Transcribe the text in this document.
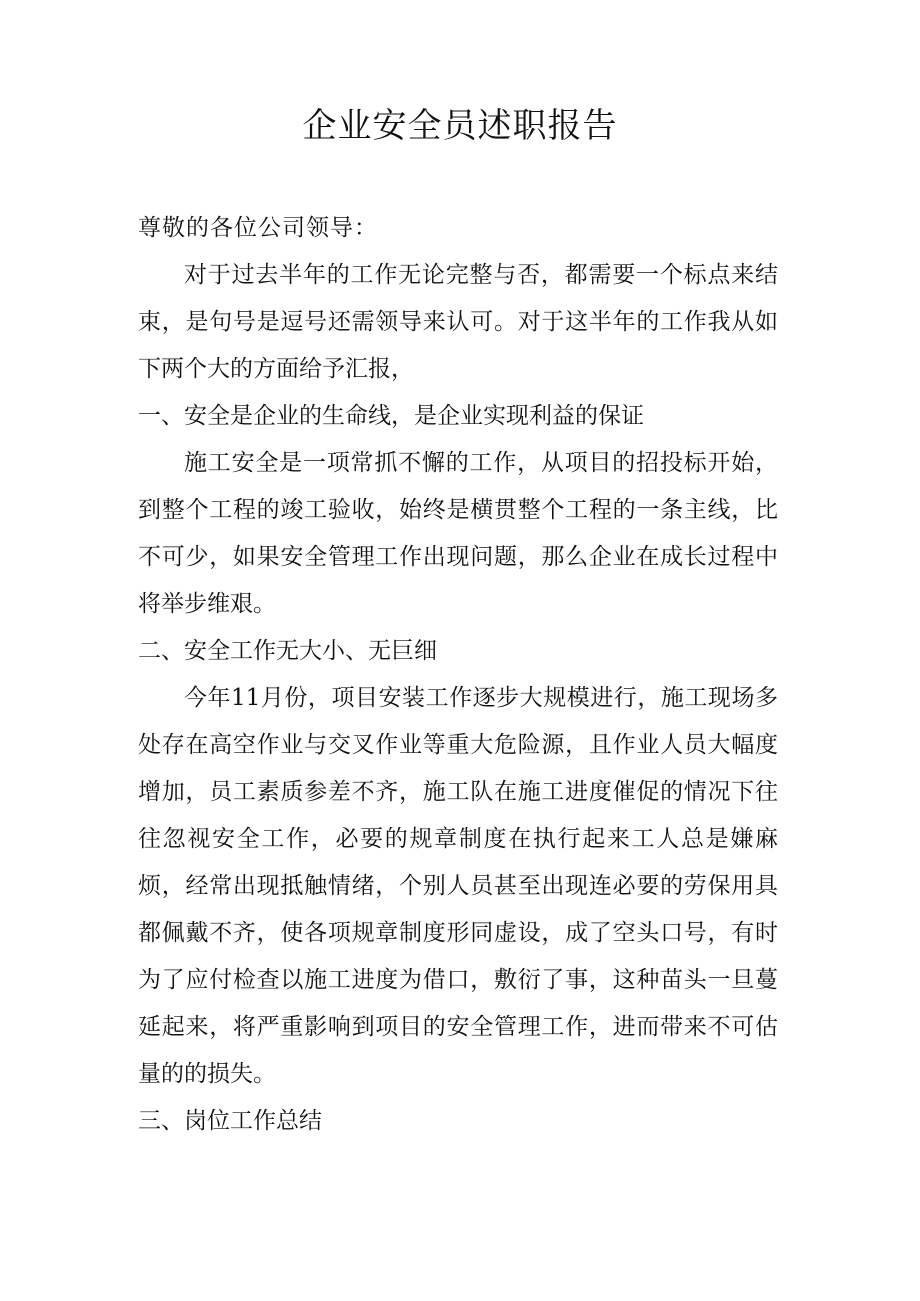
企业安全员述职报告

尊敬的各位公司领导：

对于过去半年的工作无论完整与否，都需要一个标点来结束，是句号是逗号还需领导来认可。对于这半年的工作我从如下两个大的方面给予汇报，

一、安全是企业的生命线，是企业实现利益的保证

施工安全是一项常抓不懈的工作，从项目的招投标开始，到整个工程的竣工验收，始终是横贯整个工程的一条主线，比不可少，如果安全管理工作出现问题，那么企业在成长过程中将举步维艰。

二、安全工作无大小、无巨细

今年11月份，项目安装工作逐步大规模进行，施工现场多处存在高空作业与交叉作业等重大危险源，且作业人员大幅度增加，员工素质参差不齐，施工队在施工进度催促的情况下往往忽视安全工作，必要的规章制度在执行起来工人总是嫌麻烦，经常出现抵触情绪，个别人员甚至出现连必要的劳保用具都佩戴不齐，使各项规章制度形同虚设，成了空头口号，有时为了应付检查以施工进度为借口，敷衍了事，这种苗头一旦蔓延起来，将严重影响到项目的安全管理工作，进而带来不可估量的的损失。

三、岗位工作总结
